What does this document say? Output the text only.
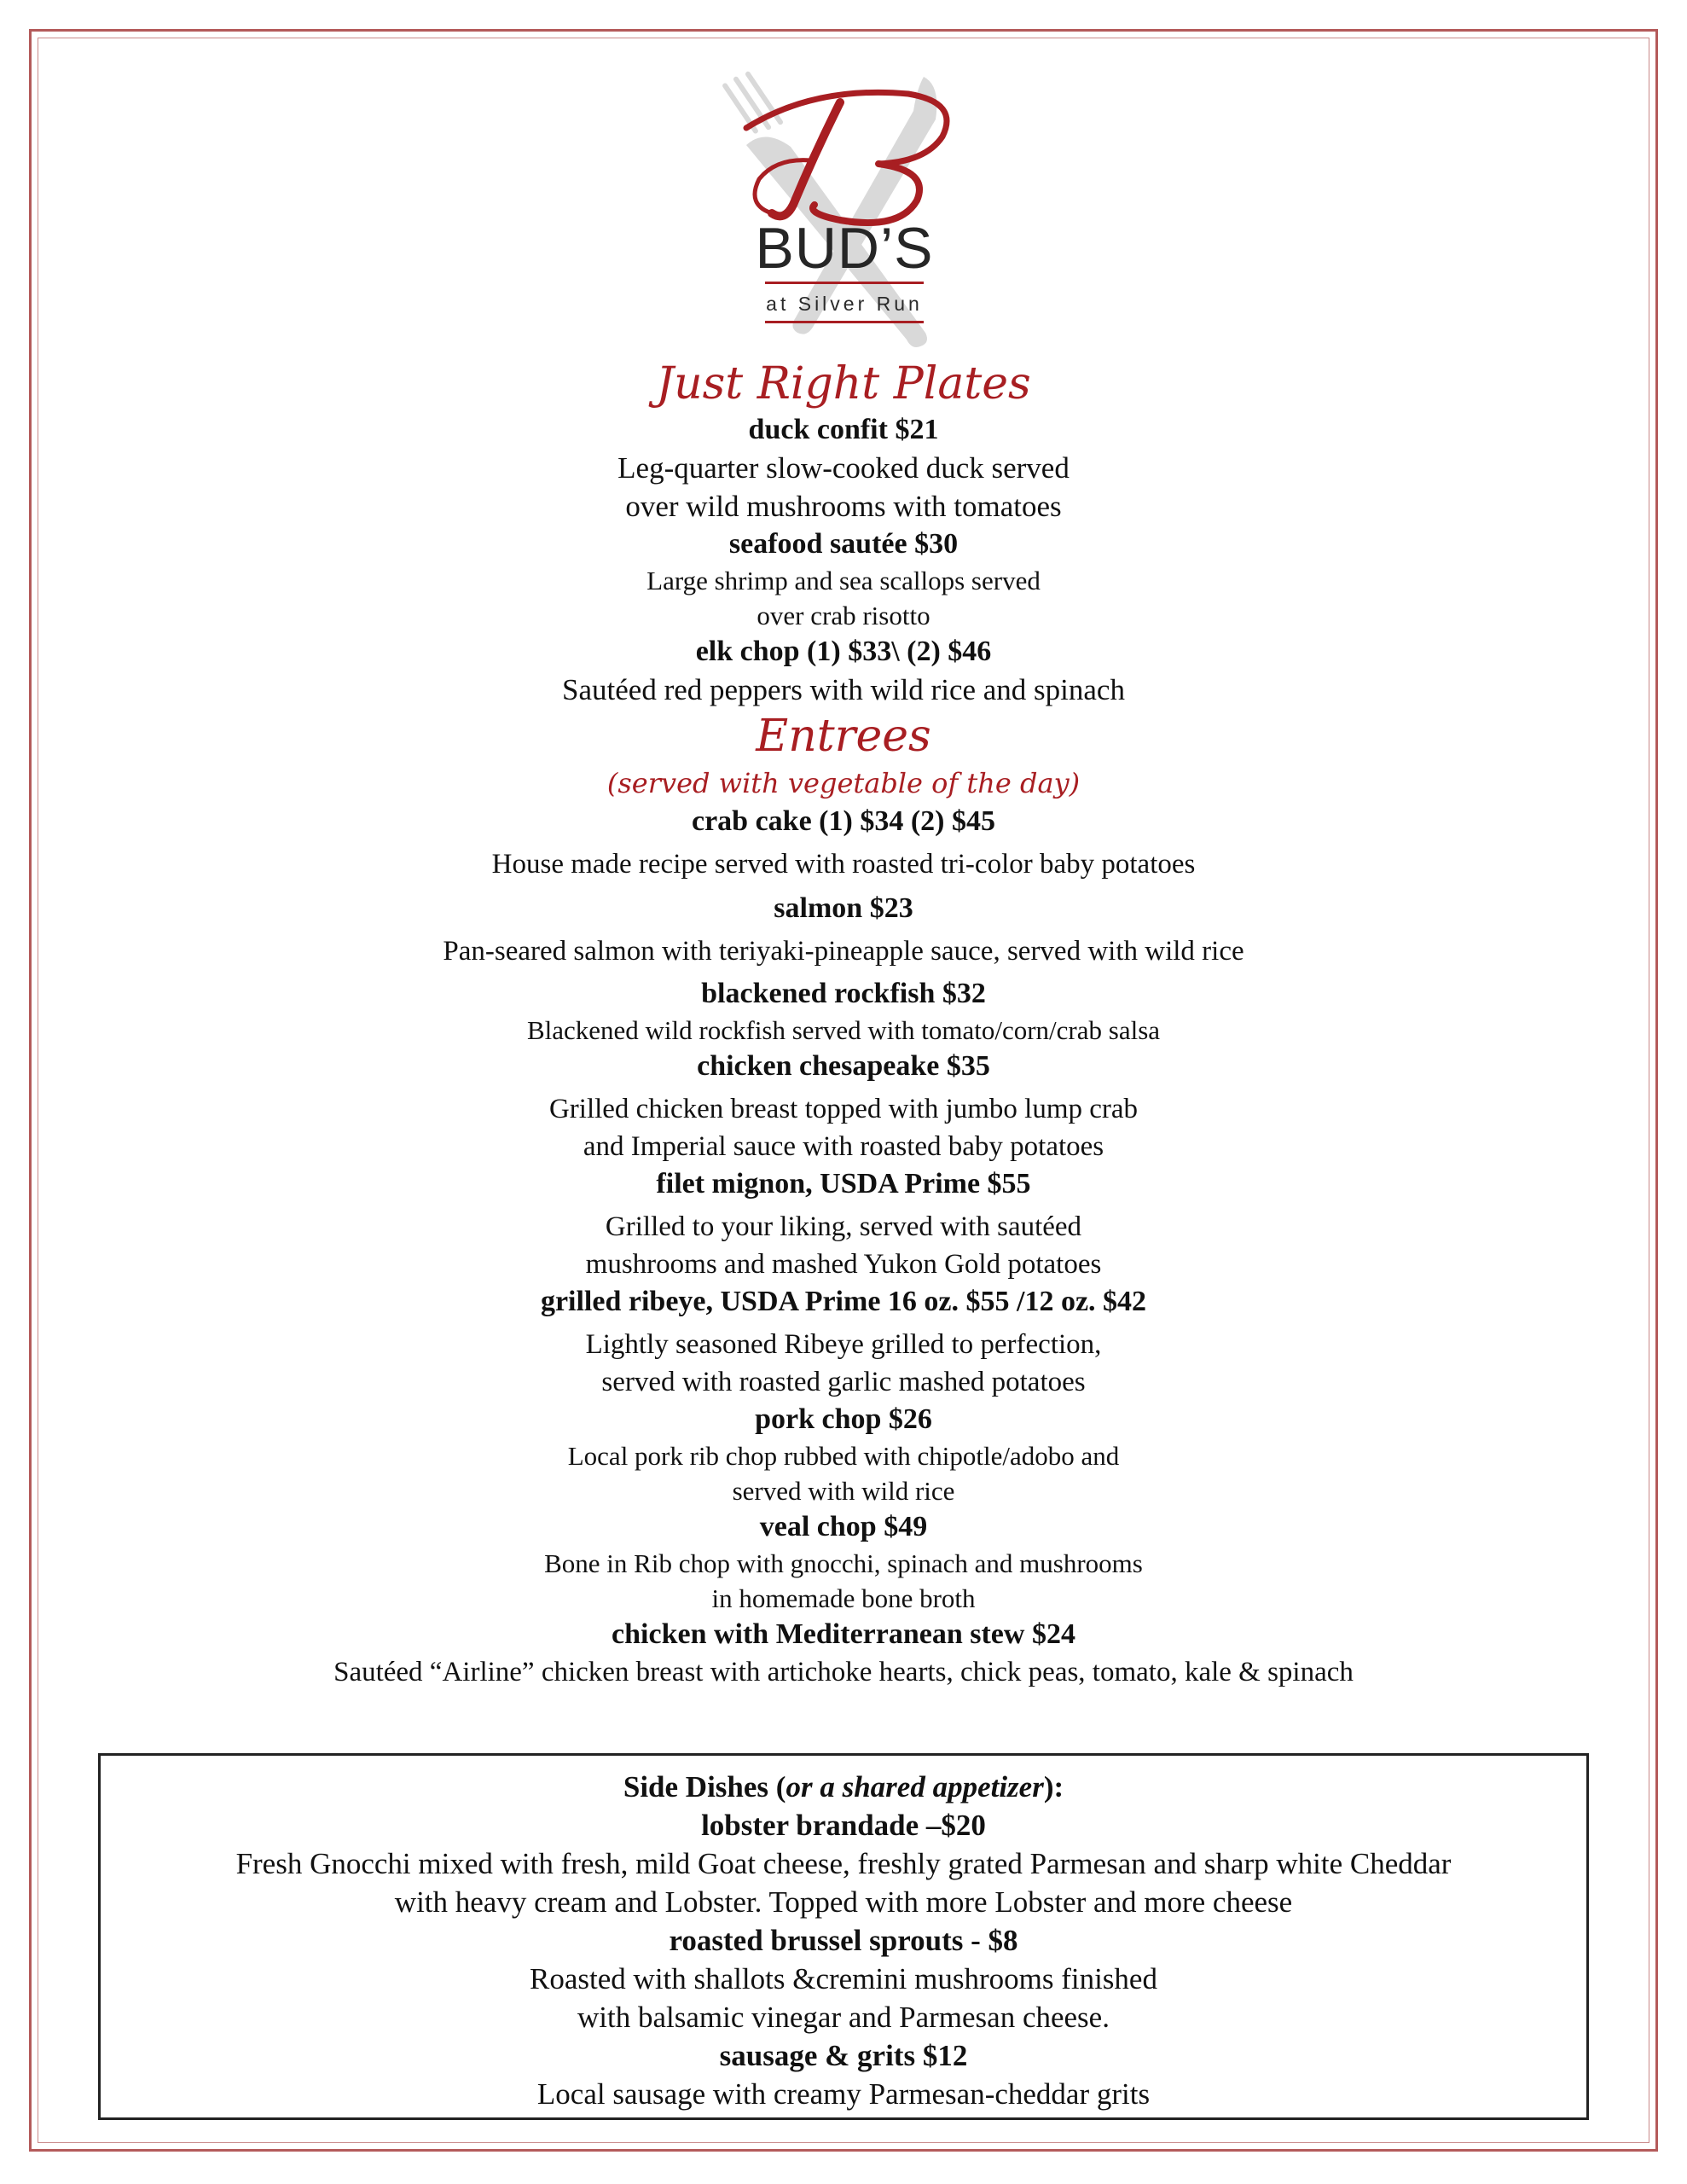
BUD’S
at Silver Run
Just Right Plates
duck confit $21
Leg-quarter slow-cooked duck served
over wild mushrooms with tomatoes
seafood sautée $30
Large shrimp and sea scallops served
over crab risotto
elk chop (1) $33\ (2) $46
Sautéed red peppers with wild rice and spinach
Entrees
(served with vegetable of the day)
crab cake (1) $34 (2) $45
House made recipe served with roasted tri-color baby potatoes
salmon $23
Pan-seared salmon with teriyaki-pineapple sauce, served with wild rice
blackened rockfish $32
Blackened wild rockfish served with tomato/corn/crab salsa
chicken chesapeake $35
Grilled chicken breast topped with jumbo lump crab
and Imperial sauce with roasted baby potatoes
filet mignon, USDA Prime $55
Grilled to your liking, served with sautéed
mushrooms and mashed Yukon Gold potatoes
grilled ribeye, USDA Prime 16 oz. $55 /12 oz. $42
Lightly seasoned Ribeye grilled to perfection,
served with roasted garlic mashed potatoes
pork chop $26
Local pork rib chop rubbed with chipotle/adobo and
served with wild rice
veal chop $49
Bone in Rib chop with gnocchi, spinach and mushrooms
in homemade bone broth
chicken with Mediterranean stew $24
Sautéed “Airline” chicken breast with artichoke hearts, chick peas, tomato, kale & spinach
Side Dishes (or a shared appetizer):
lobster brandade –$20
Fresh Gnocchi mixed with fresh, mild Goat cheese, freshly grated Parmesan and sharp white Cheddar
with heavy cream and Lobster. Topped with more Lobster and more cheese
roasted brussel sprouts - $8
Roasted with shallots &cremini mushrooms finished
with balsamic vinegar and Parmesan cheese.
sausage & grits $12
Local sausage with creamy Parmesan-cheddar grits
